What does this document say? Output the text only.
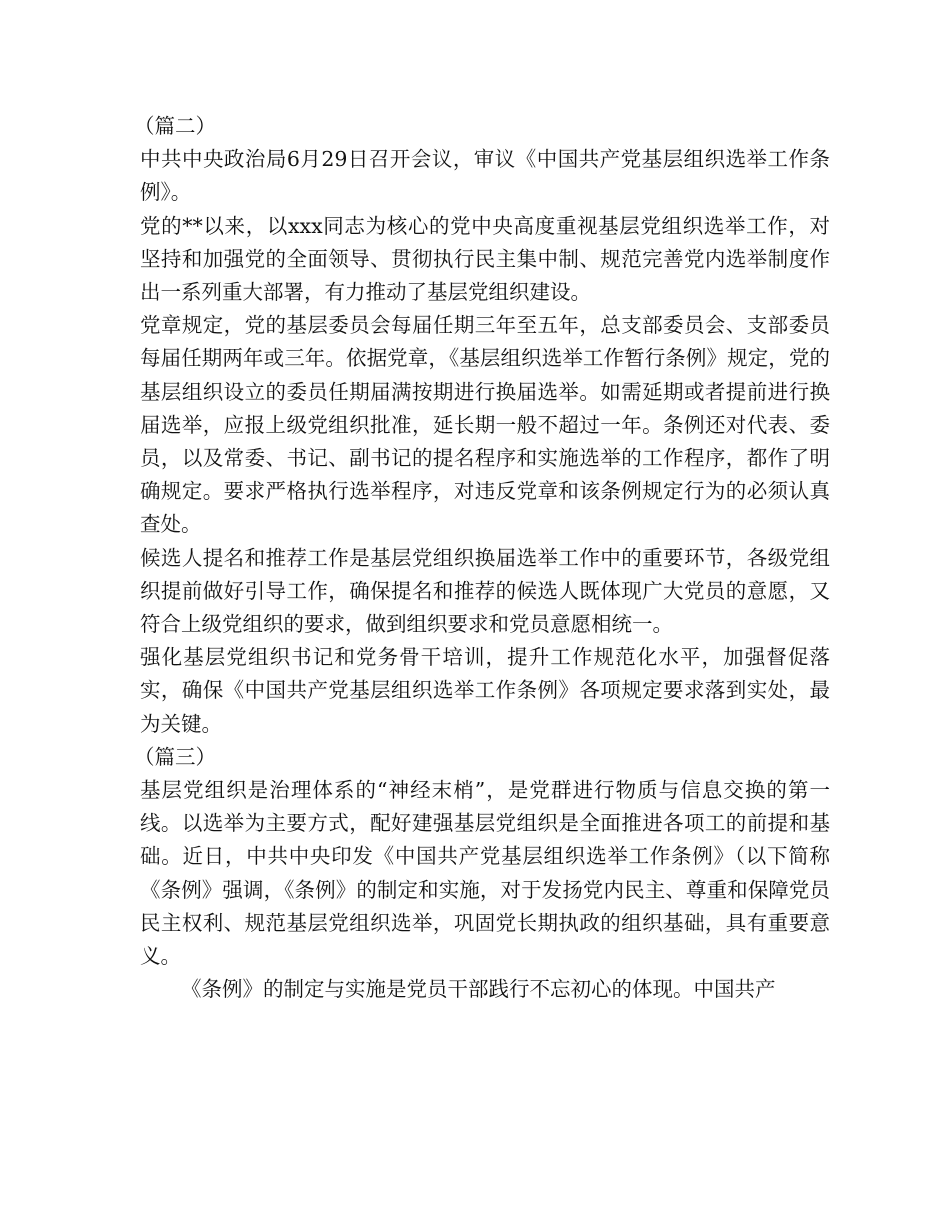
（篇二）

中共中央政治局6月29日召开会议，审议《中国共产党基层组织选举工作条例》。

党的**以来，以xxx同志为核心的党中央高度重视基层党组织选举工作，对坚持和加强党的全面领导、贯彻执行民主集中制、规范完善党内选举制度作出一系列重大部署，有力推动了基层党组织建设。

党章规定，党的基层委员会每届任期三年至五年，总支部委员会、支部委员每届任期两年或三年。依据党章，《基层组织选举工作暂行条例》规定，党的基层组织设立的委员任期届满按期进行换届选举。如需延期或者提前进行换届选举，应报上级党组织批准，延长期一般不超过一年。条例还对代表、委员，以及常委、书记、副书记的提名程序和实施选举的工作程序，都作了明确规定。要求严格执行选举程序，对违反党章和该条例规定行为的必须认真查处。

候选人提名和推荐工作是基层党组织换届选举工作中的重要环节，各级党组织提前做好引导工作，确保提名和推荐的候选人既体现广大党员的意愿，又符合上级党组织的要求，做到组织要求和党员意愿相统一。

强化基层党组织书记和党务骨干培训，提升工作规范化水平，加强督促落实，确保《中国共产党基层组织选举工作条例》各项规定要求落到实处，最为关键。

（篇三）

基层党组织是治理体系的“神经末梢”，是党群进行物质与信息交换的第一线。以选举为主要方式，配好建强基层党组织是全面推进各项工的前提和基础。近日，中共中央印发《中国共产党基层组织选举工作条例》（以下简称《条例》强调，《条例》的制定和实施，对于发扬党内民主、尊重和保障党员民主权利、规范基层党组织选举，巩固党长期执政的组织基础，具有重要意义。

《条例》的制定与实施是党员干部践行不忘初心的体现。中国共产
